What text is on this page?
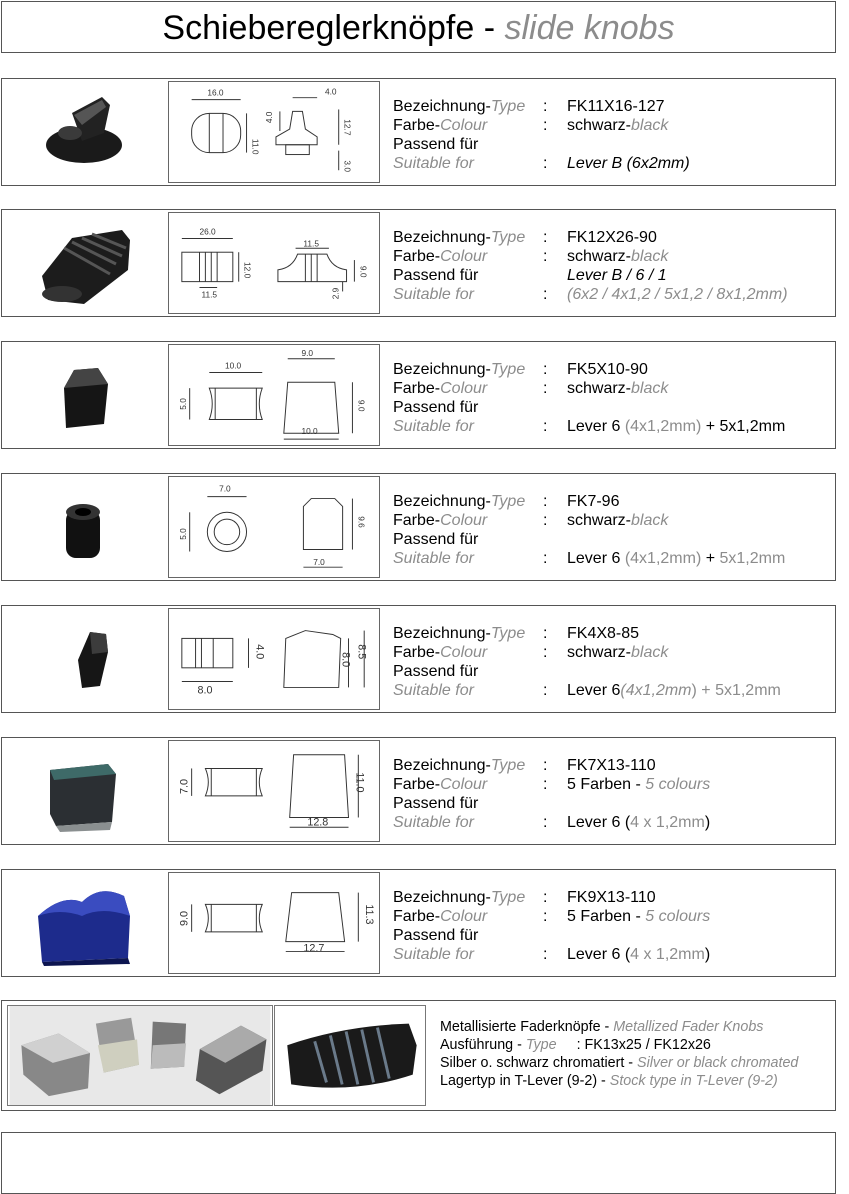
Schiebereglerknöpfe - slide knobs
16.0
11.0
4.0
4.0
12.7
3.0
Bezeichnung-Type : FK11X16-127
Farbe-Colour	: schwarz-black
Passend für
Suitable for	: Lever B (6x2mm)
26.0
12.0
11.5
11.5
9.0
2.9
Bezeichnung-Type : FK12X26-90
Farbe-Colour	: schwarz-black
Passend für	Lever B / 6 / 1
Suitable for	: (6x2 / 4x1,2 / 5x1,2 / 8x1,2mm)
10.0
5.0
9.0
9.0
10.0
Bezeichnung-Type : FK5X10-90
Farbe-Colour	: schwarz-black
Passend für
Suitable for	: Lever 6 (4x1,2mm) + 5x1,2mm
7.0
5.0
9.6
7.0
Bezeichnung-Type : FK7-96
Farbe-Colour	: schwarz-black
Passend für
Suitable for	: Lever 6 (4x1,2mm) + 5x1,2mm
4.0
8.0
8.0
8.5
Bezeichnung-Type : FK4X8-85
Farbe-Colour	: schwarz-black
Passend für
Suitable for	: Lever 6(4x1,2mm) + 5x1,2mm
7.0	11.0
12.8
Bezeichnung-Type : FK7X13-110
Farbe-Colour	: 5 Farben - 5 colours
Passend für
Suitable for	: Lever 6 (4 x 1,2mm)
9.0	11.3
12.7
Bezeichnung-Type : FK9X13-110
Farbe-Colour	: 5 Farben - 5 colours
Passend für
Suitable for	: Lever 6 (4 x 1,2mm)
Metallisierte Faderknöpfe - Metallized Fader Knobs
Ausführung - Type : FK13x25 / FK12x26
Silber o. schwarz chromatiert - Silver or black chromated
Lagertyp in T-Lever (9-2) - Stock type in T-Lever (9-2)
